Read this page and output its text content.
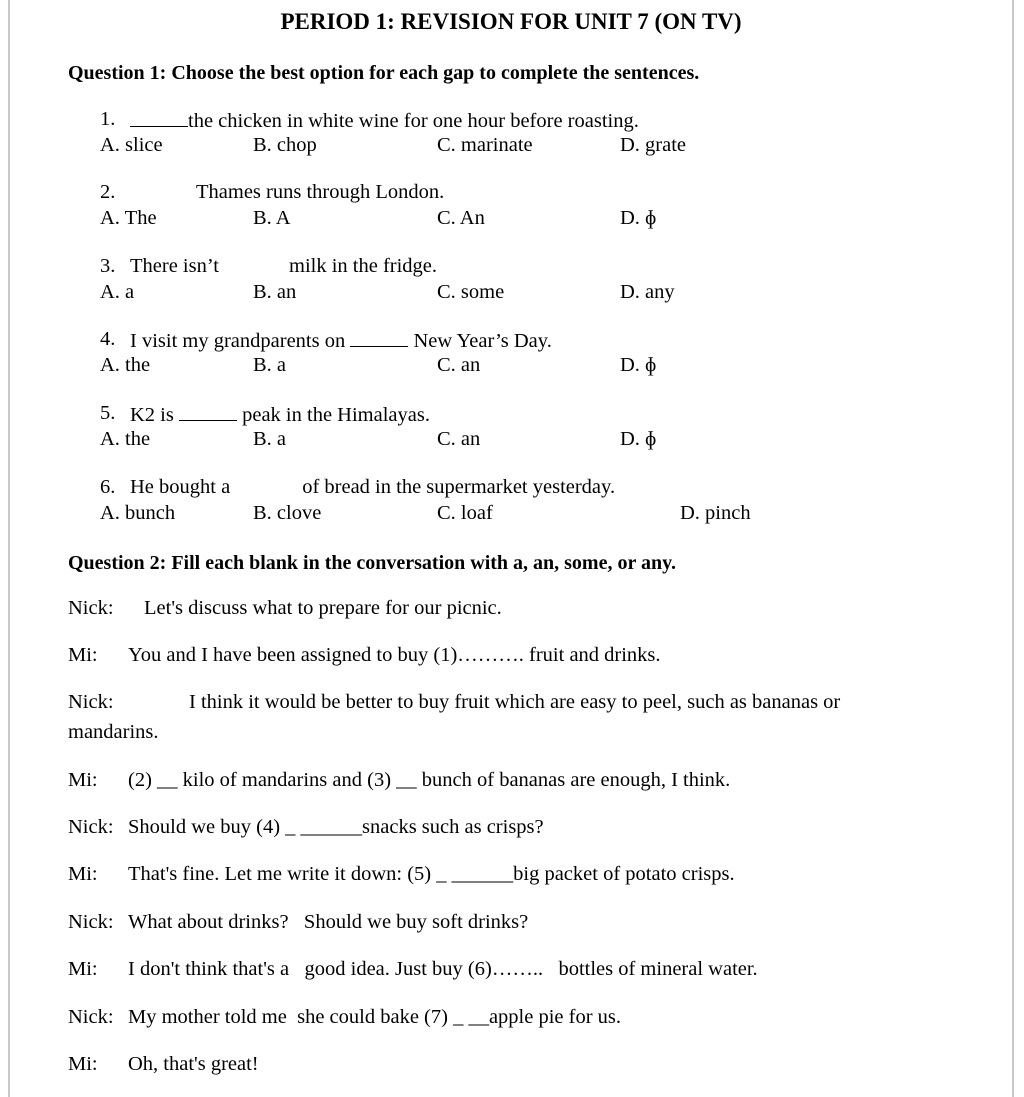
PERIOD 1: REVISION FOR UNIT 7 (ON TV)
Question 1: Choose the best option for each gap to complete the sentences.
1.	the chicken in white wine for one hour before roasting.
A. slice	B. chop	C. marinate	D. grate
2.	Thames runs through London.
A. The	B. A	C. An	D. ɸ
3. There isn’t	milk in the fridge.
A. a	B. an	C. some	D. any
4. I visit my grandparents on	New Year’s Day.
A. the	B. a	C. an	D. ɸ
5. K2 is	peak in the Himalayas.
A. the	B. a	C. an	D. ɸ
6. He bought a	of bread in the supermarket yesterday.
A. bunch	B. clove	C. loaf	D. pinch
Question 2: Fill each blank in the conversation with a, an, some, or any.
Nick: Let's discuss what to prepare for our picnic.
Mi: You and I have been assigned to buy (1)………. fruit and drinks.
Nick:	I think it would be better to buy fruit which are easy to peel, such as bananas or
mandarins.
Mi: (2) __ kilo of mandarins and (3) __ bunch of bananas are enough, I think.
Nick: Should we buy (4) _ ______snacks such as crisps?
Mi: That's fine. Let me write it down: (5) _ ______big packet of potato crisps.
Nick: What about drinks?   Should we buy soft drinks?
Mi: I don't think that's a   good idea. Just buy (6)……..   bottles of mineral water.
Nick: My mother told me  she could bake (7) _ __apple pie for us.
Mi: Oh, that's great!
